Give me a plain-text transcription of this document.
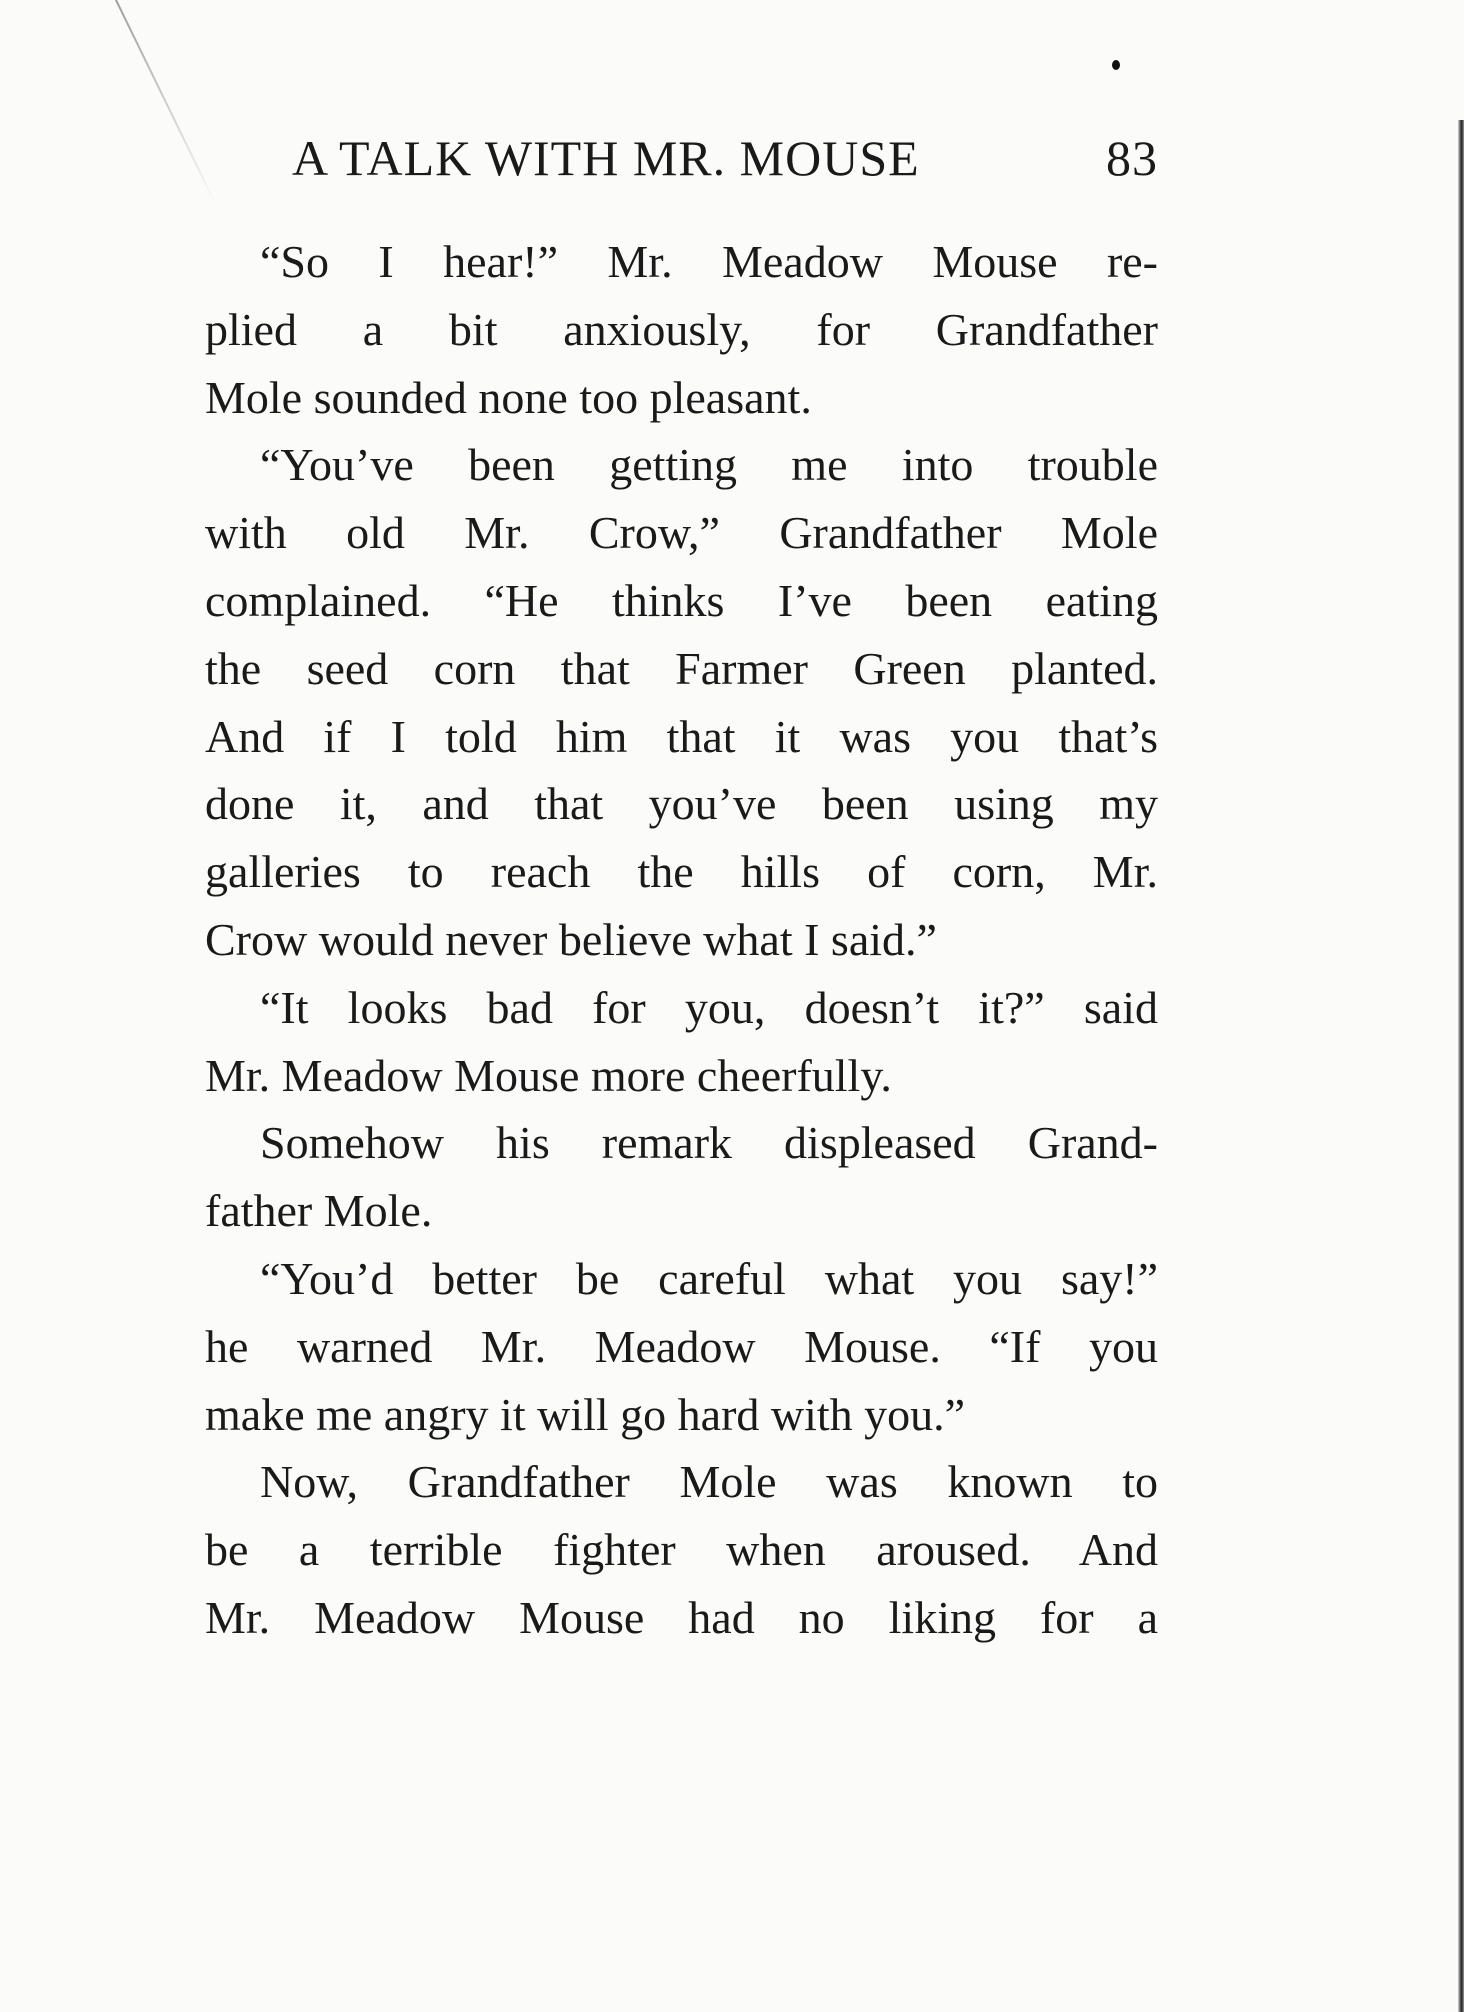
A TALK WITH MR. MOUSE	83

“So I hear!” Mr. Meadow Mouse re-
plied a bit anxiously, for Grandfather
Mole sounded none too pleasant.

“You’ve been getting me into trouble
with old Mr. Crow,” Grandfather Mole
complained. “He thinks I’ve been eating
the seed corn that Farmer Green planted.
And if I told him that it was you that’s
done it, and that you’ve been using my
galleries to reach the hills of corn, Mr.
Crow would never believe what I said.”

“It looks bad for you, doesn’t it?” said
Mr. Meadow Mouse more cheerfully.

Somehow his remark displeased Grand-
father Mole.

“You’d better be careful what you say!”
he warned Mr. Meadow Mouse. “If you
make me angry it will go hard with you.”

Now, Grandfather Mole was known to
be a terrible fighter when aroused. And
Mr. Meadow Mouse had no liking for a
